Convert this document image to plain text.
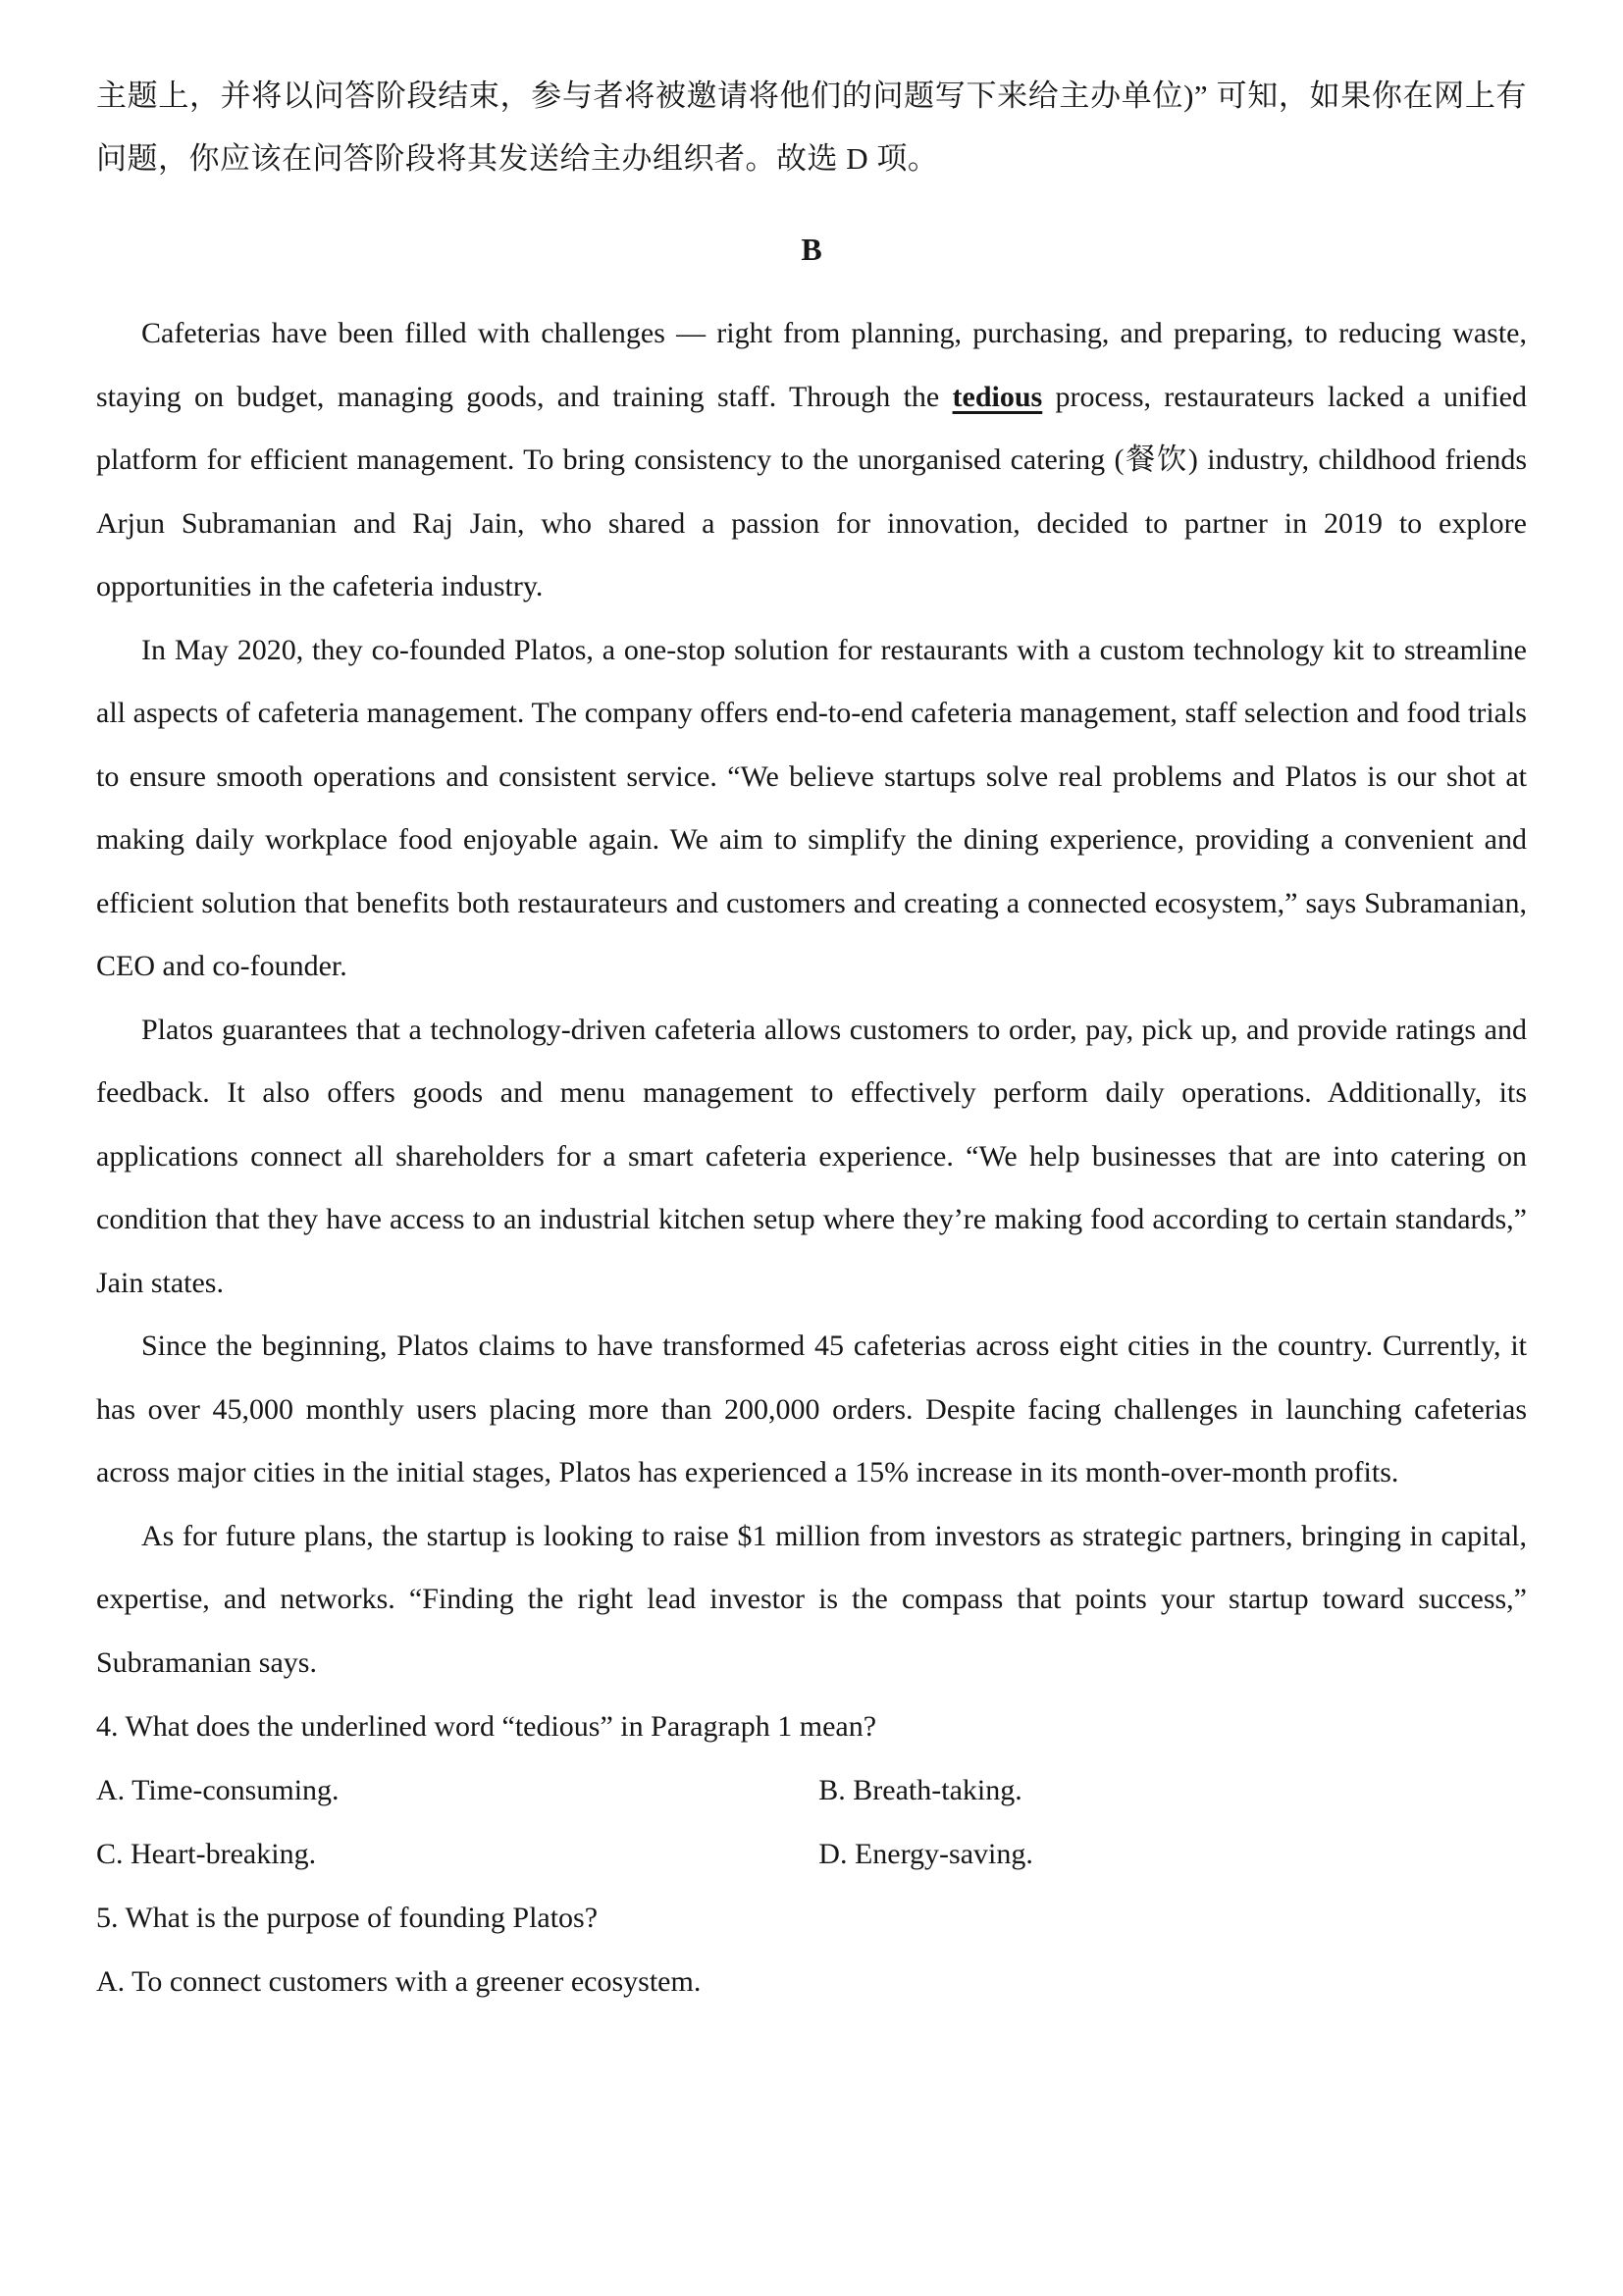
主题上，并将以问答阶段结束，参与者将被邀请将他们的问题写下来给主办单位)” 可知，如果你在网上有问题，你应该在问答阶段将其发送给主办组织者。故选 D 项。

B

Cafeterias have been filled with challenges — right from planning, purchasing, and preparing, to reducing waste, staying on budget, managing goods, and training staff. Through the tedious process, restaurateurs lacked a unified platform for efficient management. To bring consistency to the unorganised catering (餐饮) industry, childhood friends Arjun Subramanian and Raj Jain, who shared a passion for innovation, decided to partner in 2019 to explore opportunities in the cafeteria industry.

In May 2020, they co-founded Platos, a one-stop solution for restaurants with a custom technology kit to streamline all aspects of cafeteria management. The company offers end-to-end cafeteria management, staff selection and food trials to ensure smooth operations and consistent service. “We believe startups solve real problems and Platos is our shot at making daily workplace food enjoyable again. We aim to simplify the dining experience, providing a convenient and efficient solution that benefits both restaurateurs and customers and creating a connected ecosystem,” says Subramanian, CEO and co-founder.

Platos guarantees that a technology-driven cafeteria allows customers to order, pay, pick up, and provide ratings and feedback. It also offers goods and menu management to effectively perform daily operations. Additionally, its applications connect all shareholders for a smart cafeteria experience. “We help businesses that are into catering on condition that they have access to an industrial kitchen setup where they’re making food according to certain standards,” Jain states.

Since the beginning, Platos claims to have transformed 45 cafeterias across eight cities in the country. Currently, it has over 45,000 monthly users placing more than 200,000 orders. Despite facing challenges in launching cafeterias across major cities in the initial stages, Platos has experienced a 15% increase in its month-over-month profits.

As for future plans, the startup is looking to raise $1 million from investors as strategic partners, bringing in capital, expertise, and networks. “Finding the right lead investor is the compass that points your startup toward success,” Subramanian says.

4. What does the underlined word “tedious” in Paragraph 1 mean?

A. Time-consuming.	B. Breath-taking.
C. Heart-breaking.	D. Energy-saving.

5. What is the purpose of founding Platos?

A. To connect customers with a greener ecosystem.
